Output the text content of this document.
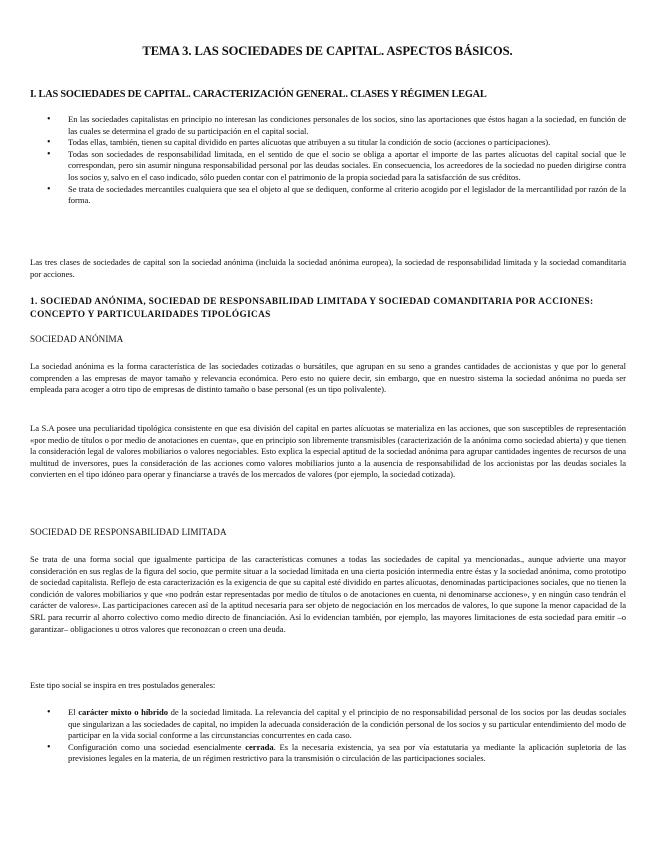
TEMA 3. LAS SOCIEDADES DE CAPITAL. ASPECTOS BÁSICOS.
I. LAS SOCIEDADES DE CAPITAL. CARACTERIZACIÓN GENERAL. CLASES Y RÉGIMEN LEGAL
• En las sociedades capitalistas en principio no interesan las condiciones personales de los socios, sino las aportaciones que éstos hagan a la sociedad, en función de las cuales se determina el grado de su participación en el capital social.
• Todas ellas, también, tienen su capital dividido en partes alícuotas que atribuyen a su titular la condición de socio (acciones o participaciones).
• Todas son sociedades de responsabilidad limitada, en el sentido de que el socio se obliga a aportar el importe de las partes alícuotas del capital social que le correspondan, pero sin asumir ninguna responsabilidad personal por las deudas sociales. En consecuencia, los acreedores de la sociedad no pueden dirigirse contra los socios y, salvo en el caso indicado, sólo pueden contar con el patrimonio de la propia sociedad para la satisfacción de sus créditos.
• Se trata de sociedades mercantiles cualquiera que sea el objeto al que se dediquen, conforme al criterio acogido por el legislador de la mercantilidad por razón de la forma.
Las tres clases de sociedades de capital son la sociedad anónima (incluida la sociedad anónima europea), la sociedad de responsabilidad limitada y la sociedad comanditaria por acciones.
1. SOCIEDAD ANÓNIMA, SOCIEDAD DE RESPONSABILIDAD LIMITADA Y SOCIEDAD COMANDITARIA POR ACCIONES: CONCEPTO Y PARTICULARIDADES TIPOLÓGICAS
SOCIEDAD ANÓNIMA
La sociedad anónima es la forma característica de las sociedades cotizadas o bursátiles, que agrupan en su seno a grandes cantidades de accionistas y que por lo general comprenden a las empresas de mayor tamaño y relevancia económica. Pero esto no quiere decir, sin embargo, que en nuestro sistema la sociedad anónima no pueda ser empleada para acoger a otro tipo de empresas de distinto tamaño o base personal (es un tipo polivalente).
La S.A posee una peculiaridad tipológica consistente en que esa división del capital en partes alícuotas se materializa en las acciones, que son susceptibles de representación «por medio de títulos o por medio de anotaciones en cuenta», que en principio son libremente transmisibles (caracterización de la anónima como sociedad abierta) y que tienen la consideración legal de valores mobiliarios o valores negociables. Esto explica la especial aptitud de la sociedad anónima para agrupar cantidades ingentes de recursos de una multitud de inversores, pues la consideración de las acciones como valores mobiliarios junto a la ausencia de responsabilidad de los accionistas por las deudas sociales la convierten en el tipo idóneo para operar y financiarse a través de los mercados de valores (por ejemplo, la sociedad cotizada).
SOCIEDAD DE RESPONSABILIDAD LIMITADA
Se trata de una forma social que igualmente participa de las características comunes a todas las sociedades de capital ya mencionadas., aunque advierte una mayor consideración en sus reglas de la figura del socio, que permite situar a la sociedad limitada en una cierta posición intermedia entre éstas y la sociedad anónima, como prototipo de sociedad capitalista. Reflejo de esta caracterización es la exigencia de que su capital esté dividido en partes alícuotas, denominadas participaciones sociales, que no tienen la condición de valores mobiliarios y que «no podrán estar representadas por medio de títulos o de anotaciones en cuenta, ni denominarse acciones», y en ningún caso tendrán el carácter de valores». Las participaciones carecen así de la aptitud necesaria para ser objeto de negociación en los mercados de valores, lo que supone la menor capacidad de la SRL para recurrir al ahorro colectivo como medio directo de financiación. Así lo evidencian también, por ejemplo, las mayores limitaciones de esta sociedad para emitir –o garantizar– obligaciones u otros valores que reconozcan o creen una deuda.
Este tipo social se inspira en tres postulados generales:
• El carácter mixto o híbrido de la sociedad limitada. La relevancia del capital y el principio de no responsabilidad personal de los socios por las deudas sociales que singularizan a las sociedades de capital, no impiden la adecuada consideración de la condición personal de los socios y su particular entendimiento del modo de participar en la vida social conforme a las circunstancias concurrentes en cada caso.
• Configuración como una sociedad esencialmente cerrada. Es la necesaria existencia, ya sea por vía estatutaria ya mediante la aplicación supletoria de las previsiones legales en la materia, de un régimen restrictivo para la transmisión o circulación de las participaciones sociales.
